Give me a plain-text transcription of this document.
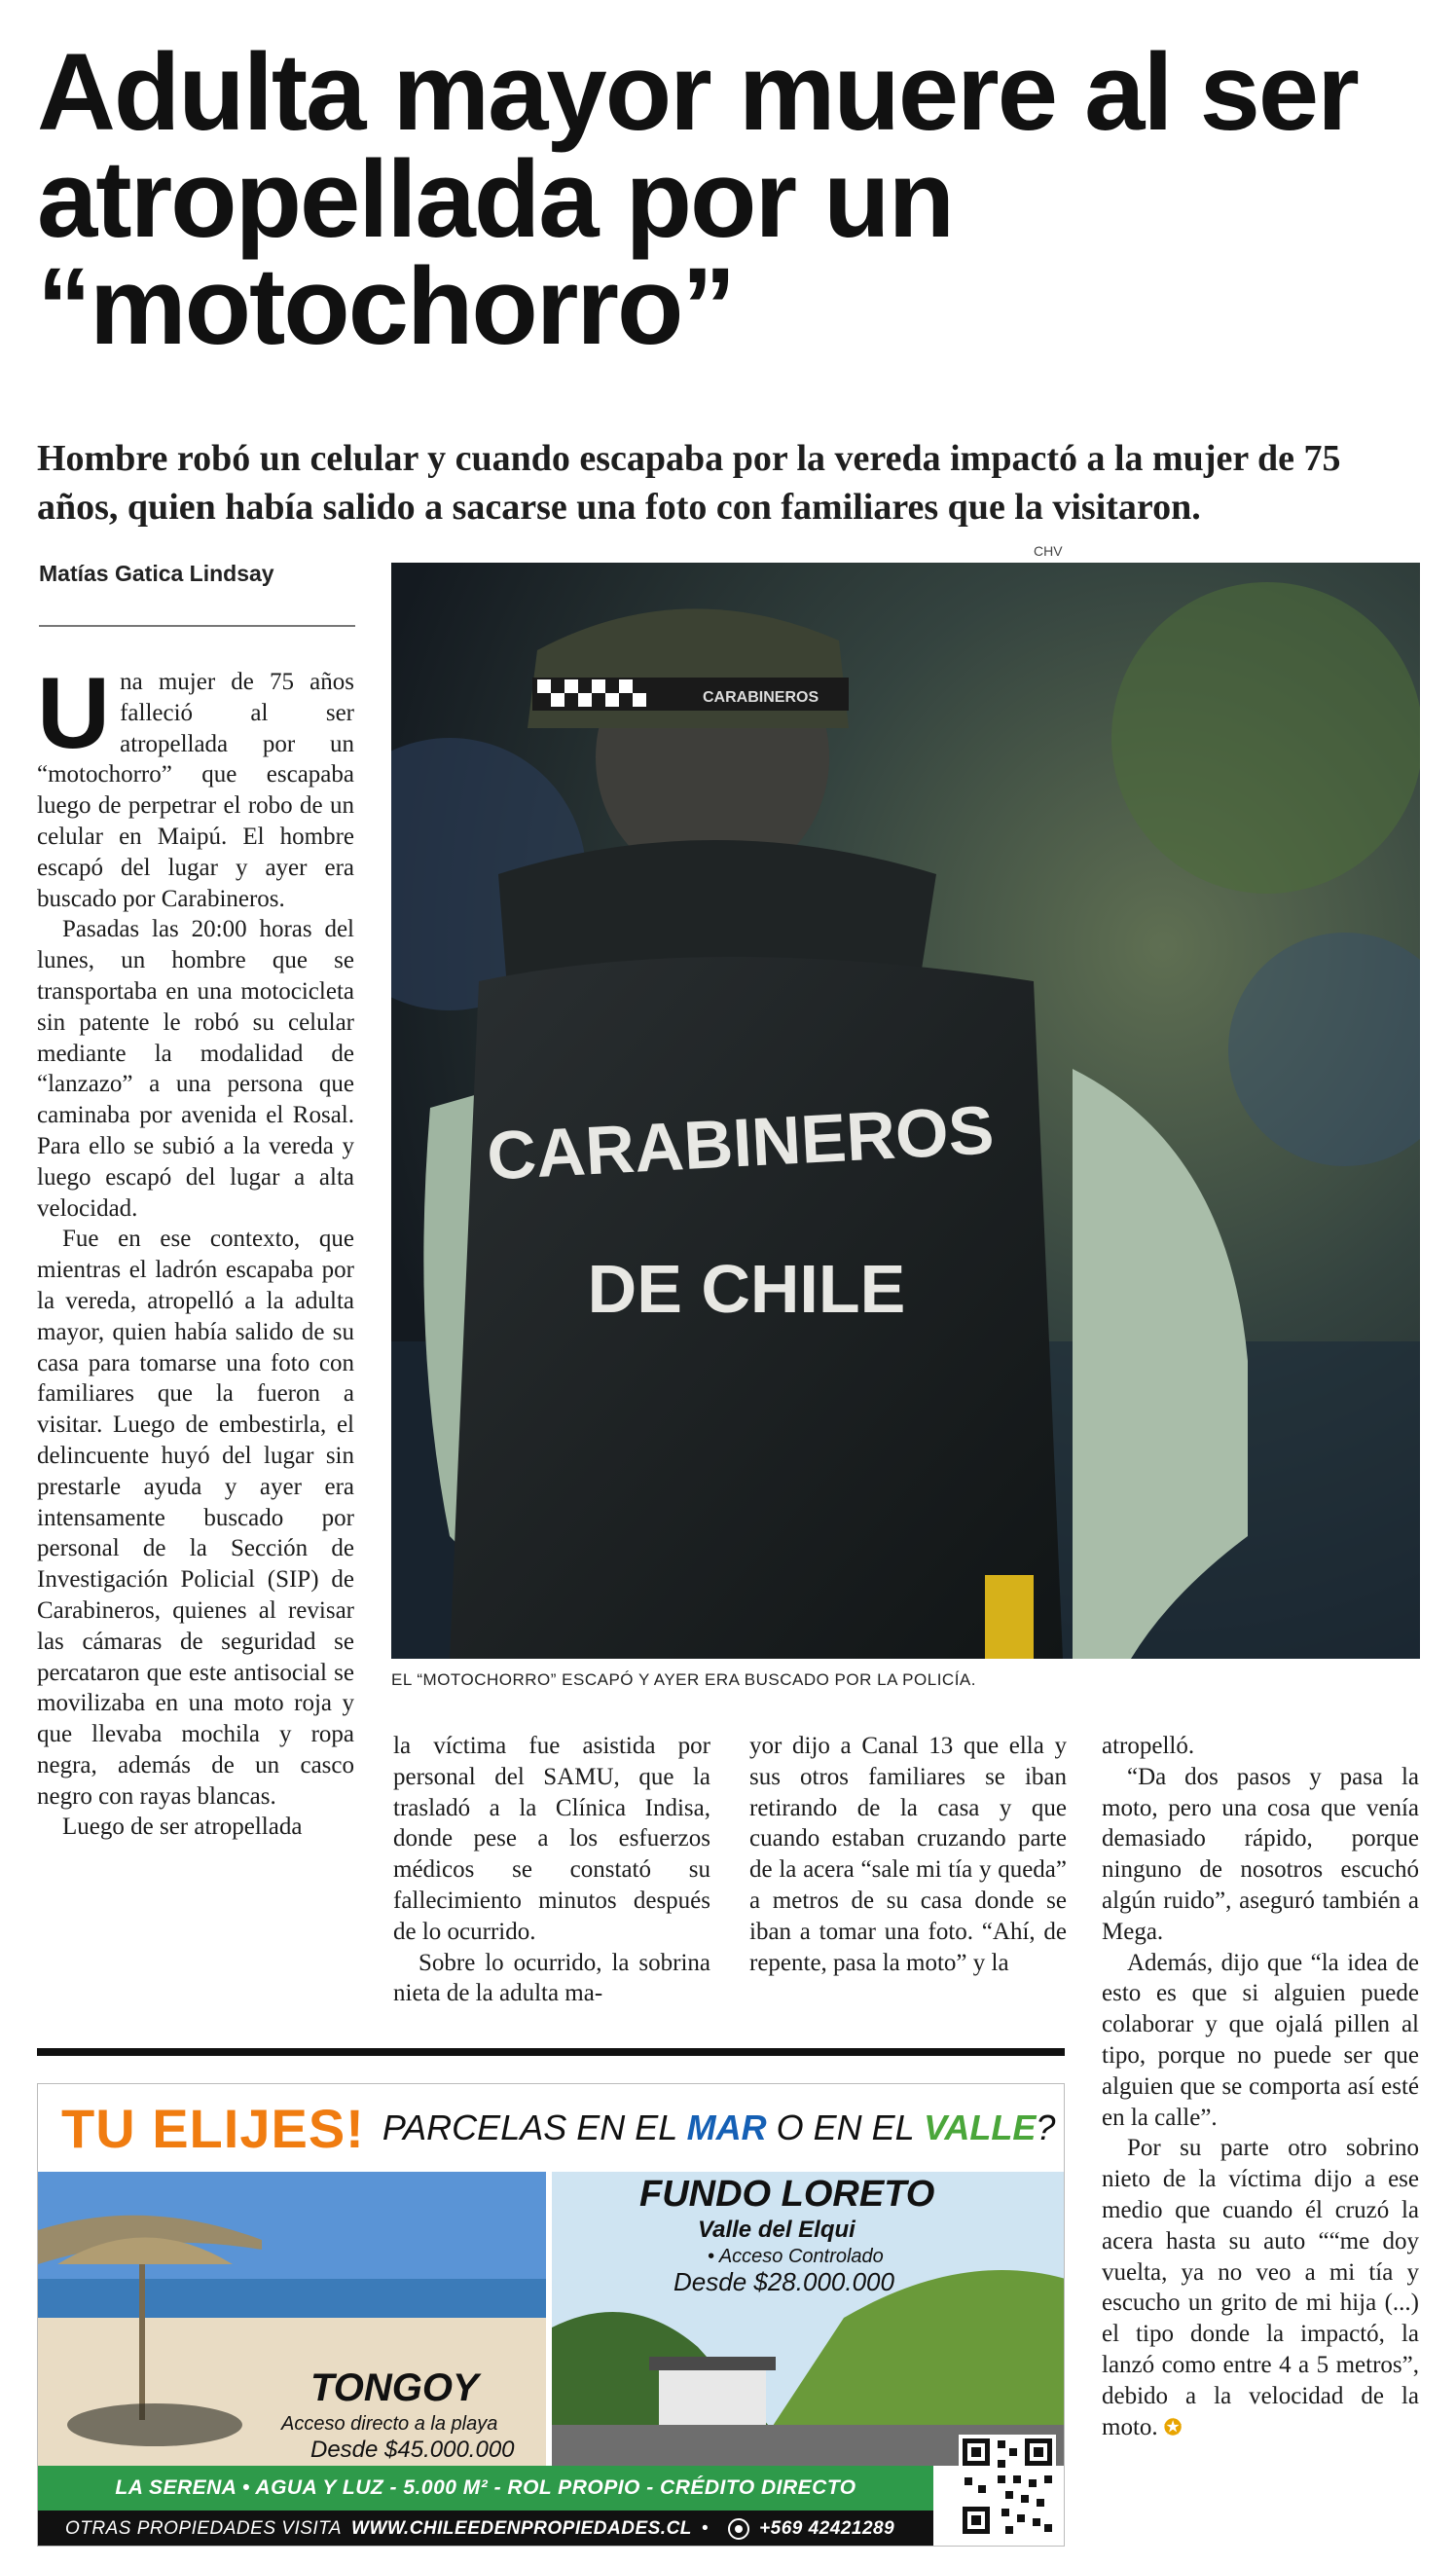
Adulta mayor muere al ser atropellada por un “motochorro”
Hombre robó un celular y cuando escapaba por la vereda impactó a la mujer de 75 años, quien había salido a sacarse una foto con familiares que la visitaron.
Matías Gatica Lindsay
CHV
CARABINEROS
CARABINEROS
DE CHILE
EL “MOTOCHORRO” ESCAPÓ Y AYER ERA BUSCADO POR LA POLICÍA.

Una mujer de 75 años falleció al ser atropellada por un “motochorro” que escapaba luego de perpetrar el robo de un celular en Maipú. El hombre escapó del lugar y ayer era buscado por Carabineros.

Pasadas las 20:00 horas del lunes, un hombre que se transportaba en una motocicleta sin patente le robó su celular mediante la modalidad de “lanzazo” a una persona que caminaba por avenida el Rosal. Para ello se subió a la vereda y luego escapó del lugar a alta velocidad.

Fue en ese contexto, que mientras el ladrón escapaba por la vereda, atropelló a la adulta mayor, quien había salido de su casa para tomarse una foto con familiares que la fueron a visitar. Luego de embestirla, el delincuente huyó del lugar sin prestarle ayuda y ayer era intensamente buscado por personal de la Sección de Investigación Policial (SIP) de Carabineros, quienes al revisar las cámaras de seguridad se percataron que este antisocial se movilizaba en una moto roja y que llevaba mochila y ropa negra, además de un casco negro con rayas blancas.

Luego de ser atropellada

la víctima fue asistida por personal del SAMU, que la trasladó a la Clínica Indisa, donde pese a los esfuerzos médicos se constató su fallecimiento minutos después de lo ocurrido.

Sobre lo ocurrido, la sobrina nieta de la adulta ma-

yor dijo a Canal 13 que ella y sus otros familiares se iban retirando de la casa y que cuando estaban cruzando parte de la acera “sale mi tía y queda” a metros de su casa donde se iban a tomar una foto. “Ahí, de repente, pasa la moto” y la

atropelló.

“Da dos pasos y pasa la moto, pero una cosa que venía demasiado rápido, porque ninguno de nosotros escuchó algún ruido”, aseguró también a Mega.

Además, dijo que “la idea de esto es que si alguien puede colaborar y que ojalá pillen al tipo, porque no puede ser que alguien que se comporta así esté en la calle”.

Por su parte otro sobrino nieto de la víctima dijo a ese medio que cuando él cruzó la acera hasta su auto ““me doy vuelta, ya no veo a mi tía y escucho un grito de mi hija (...) el tipo donde la impactó, la lanzó como entre 4 a 5 metros”, debido a la velocidad de la moto. ✪

TU ELIJES! PARCELAS EN EL MAR O EN EL VALLE?
TONGOY
Acceso directo a la playa
Desde $45.000.000
FUNDO LORETO
Valle del Elqui
• Acceso Controlado
Desde $28.000.000
LA SERENA • AGUA Y LUZ - 5.000 M² - ROL PROPIO - CRÉDITO DIRECTO
OTRAS PROPIEDADES VISITA WWW.CHILEEDENPROPIEDADES.CL •	+569 42421289
